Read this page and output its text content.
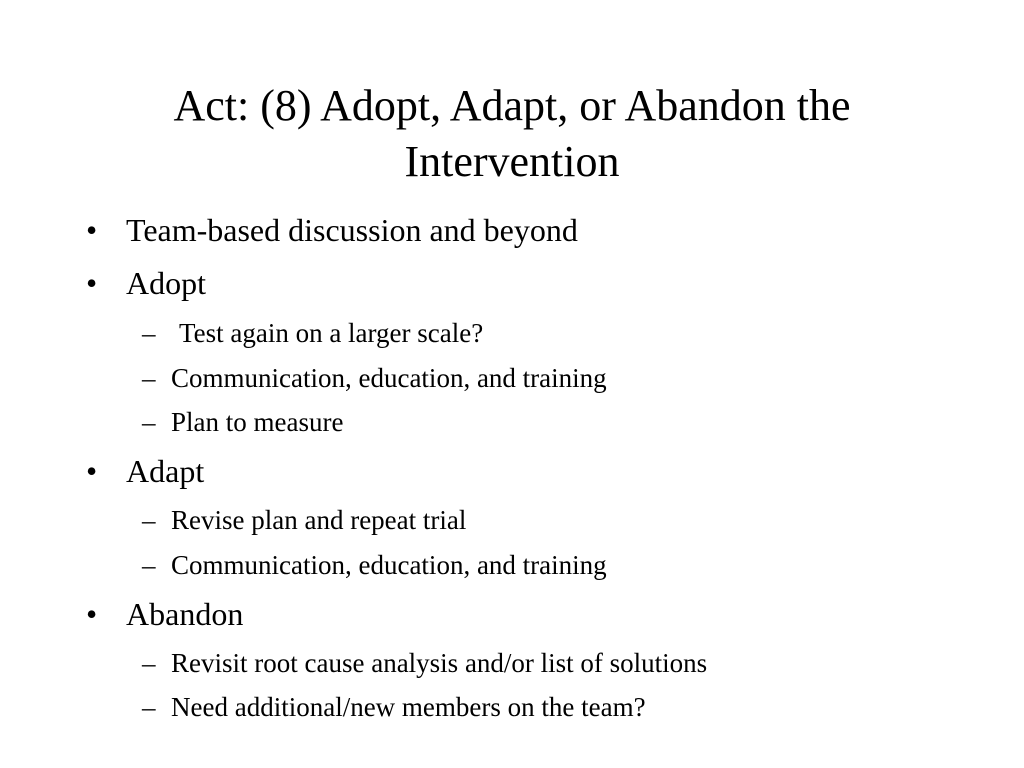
Act: (8) Adopt, Adapt, or Abandon the
Intervention
• Team-based discussion and beyond
• Adopt
– Test again on a larger scale?
– Communication, education, and training
– Plan to measure
• Adapt
– Revise plan and repeat trial
– Communication, education, and training
• Abandon
– Revisit root cause analysis and/or list of solutions
– Need additional/new members on the team?
